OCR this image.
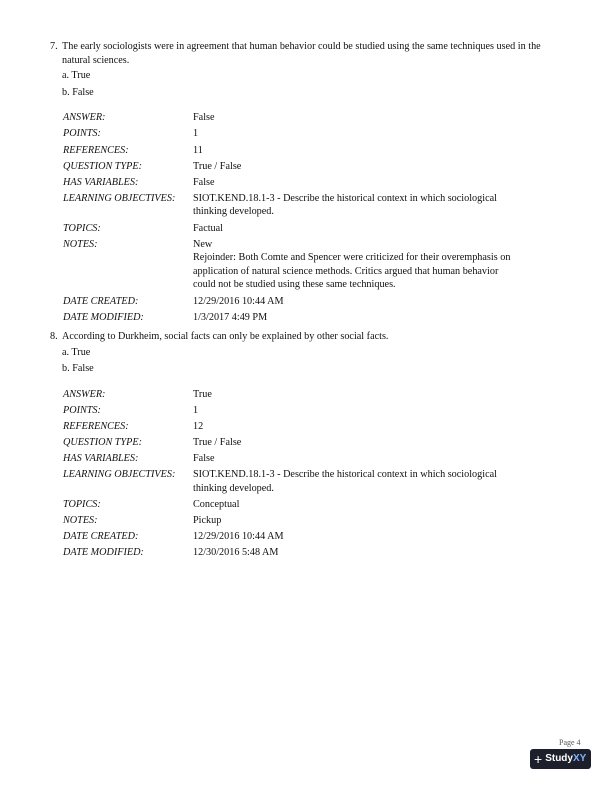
7. The early sociologists were in agreement that human behavior could be studied using the same techniques used in the natural sciences.
a. True
b. False
ANSWER:	False
POINTS:	1
REFERENCES:	11
QUESTION TYPE:	True / False
HAS VARIABLES:	False
LEARNING OBJECTIVES:	SIOT.KEND.18.1-3 - Describe the historical context in which sociological thinking developed.
TOPICS:	Factual
NOTES:	New
Rejoinder: Both Comte and Spencer were criticized for their overemphasis on application of natural science methods. Critics argued that human behavior could not be studied using these same techniques.
DATE CREATED:	12/29/2016 10:44 AM
DATE MODIFIED:	1/3/2017 4:49 PM
8. According to Durkheim, social facts can only be explained by other social facts.
a. True
b. False
ANSWER:	True
POINTS:	1
REFERENCES:	12
QUESTION TYPE:	True / False
HAS VARIABLES:	False
LEARNING OBJECTIVES:	SIOT.KEND.18.1-3 - Describe the historical context in which sociological thinking developed.
TOPICS:	Conceptual
NOTES:	Pickup
DATE CREATED:	12/29/2016 10:44 AM
DATE MODIFIED:	12/30/2016 5:48 AM
Page 4
+ Study XY
